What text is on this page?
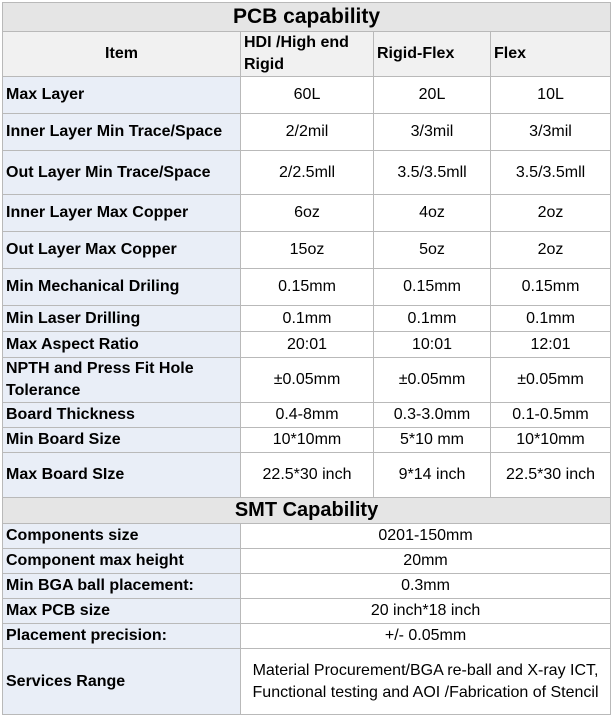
PCB capability			
Item	HDI /High end Rigid	Rigid-Flex	Flex
Max Layer	60L	20L	10L
Inner Layer Min Trace/Space	2/2mil	3/3mil	3/3mil
Out Layer Min Trace/Space	2/2.5mll	3.5/3.5mll	3.5/3.5mll
Inner Layer Max Copper	6oz	4oz	2oz
Out Layer Max Copper	15oz	5oz	2oz
Min Mechanical Driling	0.15mm	0.15mm	0.15mm
Min Laser Drilling	0.1mm	0.1mm	0.1mm
Max Aspect Ratio	20:01	10:01	12:01
NPTH and Press Fit Hole Tolerance	±0.05mm	±0.05mm	±0.05mm
Board Thickness	0.4-8mm	0.3-3.0mm	0.1-0.5mm
Min Board Size	10*10mm	5*10 mm	10*10mm
Max Board SIze	22.5*30 inch	9*14 inch	22.5*30 inch
SMT Capability			
Components size	0201-150mm		
Component max height	20mm		
Min BGA ball placement:	0.3mm		
Max PCB size	20 inch*18 inch		
Placement precision:	+/- 0.05mm		
Services Range	Material Procurement/BGA re-ball and X-ray ICT, Functional testing and AOI /Fabrication of Stencil		
